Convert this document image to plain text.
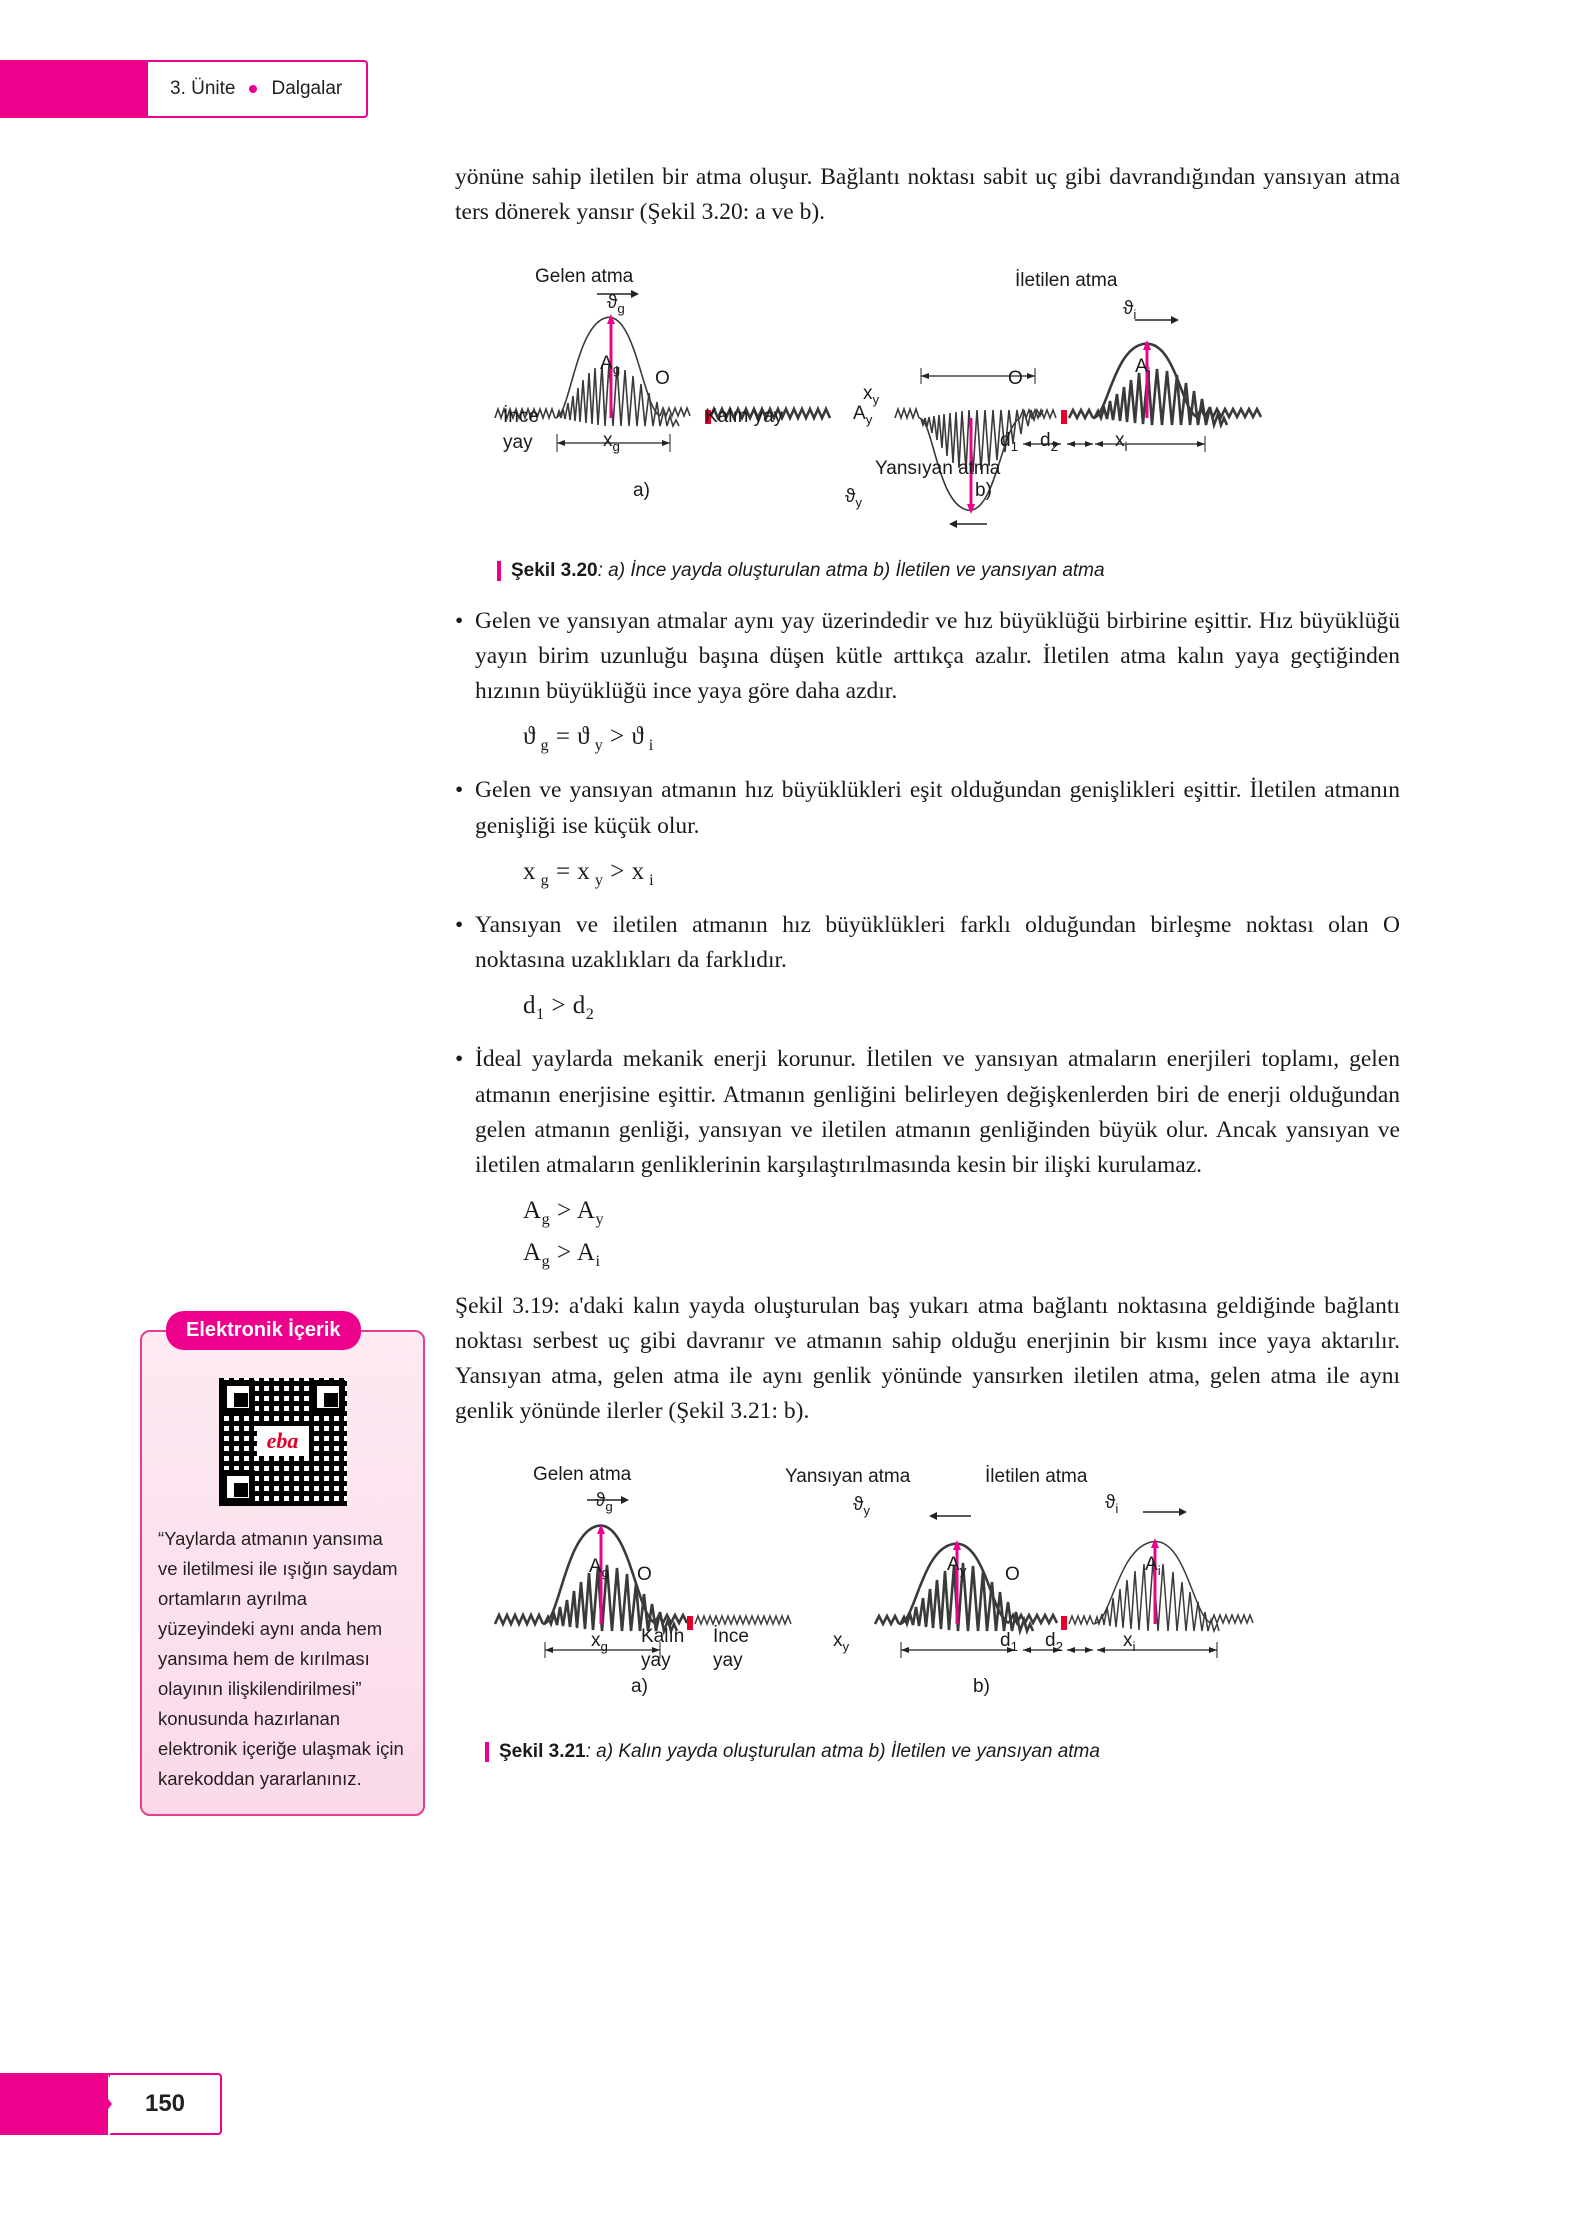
3. Ünite Dalgalar
150
Elektronik İçerik
eba
“Yaylarda atmanın yansıma ve iletilmesi ile ışığın saydam ortamların ayrılma yüzeyindeki aynı anda hem yansıma hem de kırılması olayının ilişkilendirilmesi” konusunda hazırlanan elektronik içeriğe ulaşmak için karekoddan yararlanınız.

yönüne sahip iletilen bir atma oluşur. Bağlantı noktası sabit uç gibi davrandığından yansıyan atma ters dönerek yansır (Şekil 3.20: a ve b).

Gelen atma
$ϑ_g$
$A_g$
$x_g$
O
İnce
yay
Kalın yay
a)
$x_y$
$A_y$
$ϑ_y$
Yansıyan atma
O
$d_1$ $d_2$	$x_i$
İletilen atma
$ϑ_i$
$A_i$
b)
Şekil 3.20: a) İnce yayda oluşturulan atma b) İletilen ve yansıyan atma
• Gelen ve yansıyan atmalar aynı yay üzerindedir ve hız büyüklüğü birbirine eşittir. Hız büyüklüğü yayın birim uzunluğu başına düşen kütle arttıkça azalır. İletilen atma kalın yaya geçtiğinden hızının büyüklüğü ince yaya göre daha azdır.
ϑ $_g$ = ϑ $_y$ > ϑ $_i$
• Gelen ve yansıyan atmanın hız büyüklükleri eşit olduğundan genişlikleri eşittir. İletilen atmanın genişliği ise küçük olur.
x $_g$ = x $_y$ > x $_i$
• Yansıyan ve iletilen atmanın hız büyüklükleri farklı olduğundan birleşme noktası olan O noktasına uzaklıkları da farklıdır.
$d_1 > d_2$
• İdeal yaylarda mekanik enerji korunur. İletilen ve yansıyan atmaların enerjileri toplamı, gelen atmanın enerjisine eşittir. Atmanın genliğini belirleyen değişkenlerden biri de enerji olduğundan gelen atmanın genliği, yansıyan ve iletilen atmanın genliğinden büyük olur. Ancak yansıyan ve iletilen atmaların genliklerinin karşılaştırılmasında kesin bir ilişki kurulamaz.
$A_g > A_y$
$A_g > A_i$

Şekil 3.19: a'daki kalın yayda oluşturulan baş yukarı atma bağlantı noktasına geldiğinde bağlantı noktası serbest uç gibi davranır ve atmanın sahip olduğu enerjinin bir kısmı ince yaya aktarılır. Yansıyan atma, gelen atma ile aynı genlik yönünde yansırken iletilen atma, gelen atma ile aynı genlik yönünde ilerler (Şekil 3.21: b).

Gelen atma
$ϑ_g$
$A_g$
$x_g$
O
Kalın
yay
İnce
yay
a)
Yansıyan atma
$ϑ_y$
$A_y$
$x_y$
O
$d_1$ $d_2$	$x_i$
İletilen atma
$ϑ_i$
$A_i$
b)
Şekil 3.21: a) Kalın yayda oluşturulan atma b) İletilen ve yansıyan atma
